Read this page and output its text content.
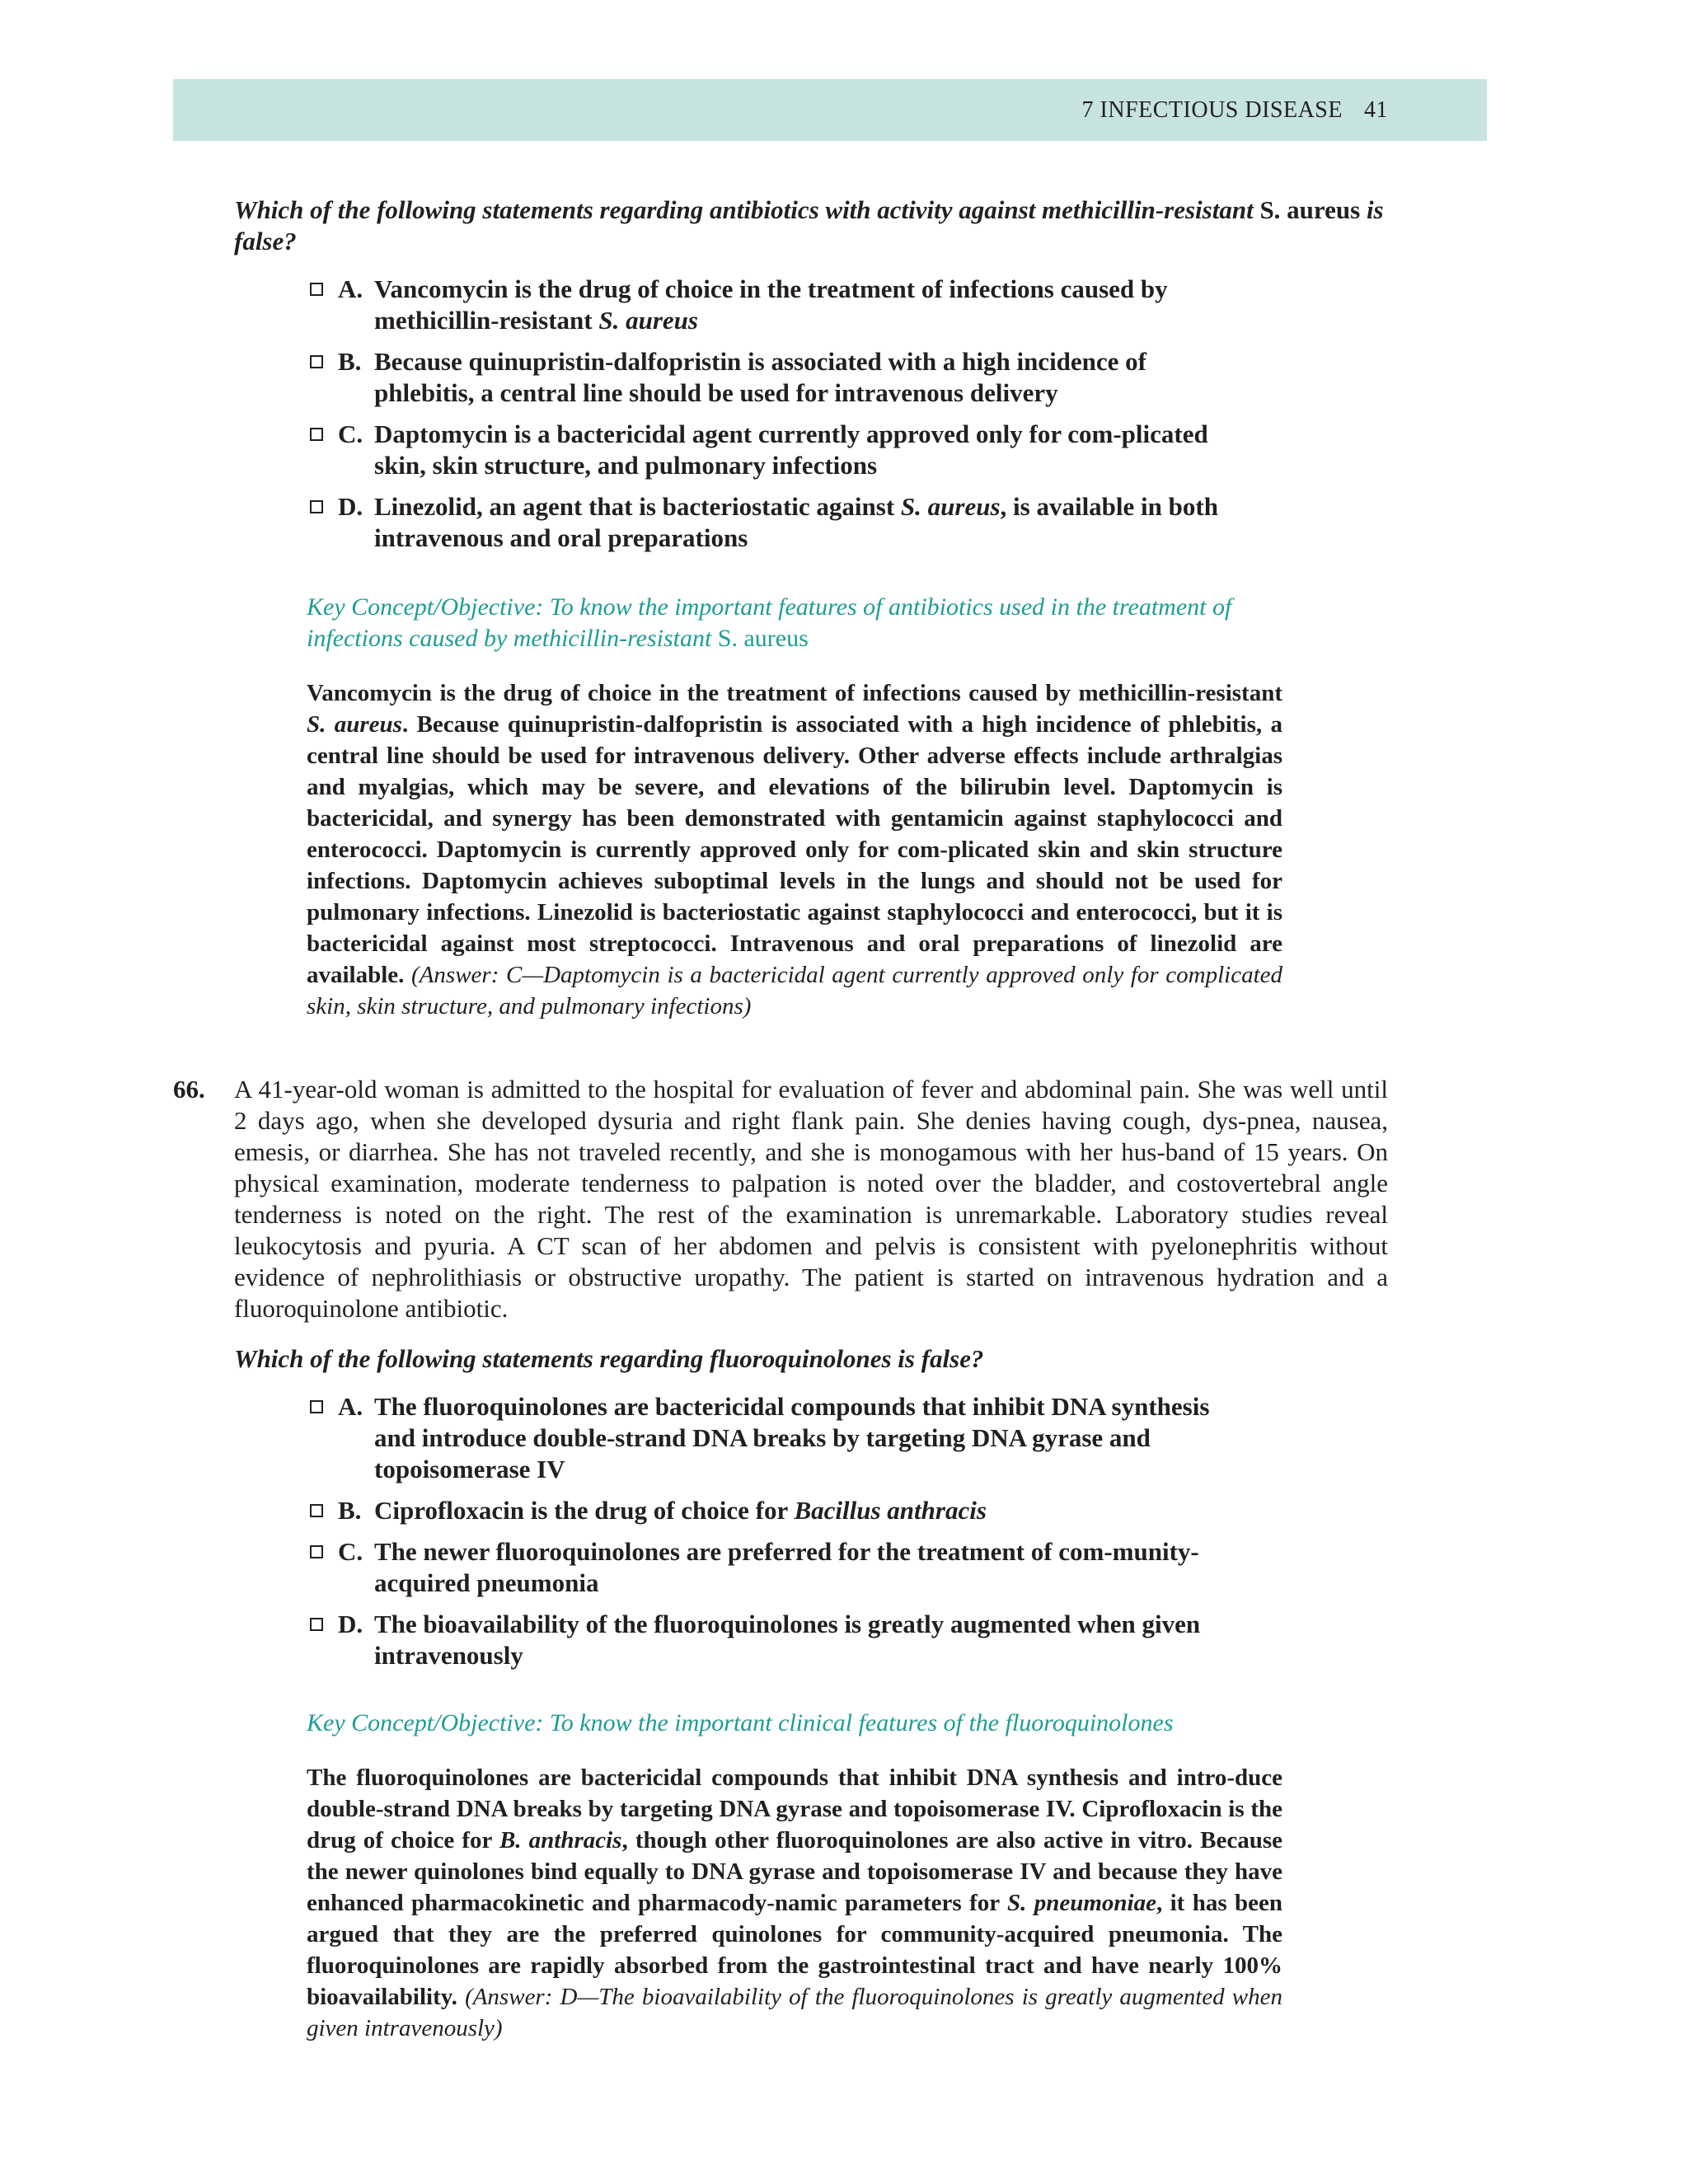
7 INFECTIOUS DISEASE 41
Which of the following statements regarding antibiotics with activity against methicillin-resistant S. aureus is false?
A. Vancomycin is the drug of choice in the treatment of infections caused by methicillin-resistant S. aureus
B. Because quinupristin-dalfopristin is associated with a high incidence of phlebitis, a central line should be used for intravenous delivery
C. Daptomycin is a bactericidal agent currently approved only for com-plicated skin, skin structure, and pulmonary infections
D. Linezolid, an agent that is bacteriostatic against S. aureus, is available in both intravenous and oral preparations
Key Concept/Objective: To know the important features of antibiotics used in the treatment of infections caused by methicillin-resistant S. aureus
Vancomycin is the drug of choice in the treatment of infections caused by methicillin-resistant S. aureus. Because quinupristin-dalfopristin is associated with a high incidence of phlebitis, a central line should be used for intravenous delivery. Other adverse effects include arthralgias and myalgias, which may be severe, and elevations of the bilirubin level. Daptomycin is bactericidal, and synergy has been demonstrated with gentamicin against staphylococci and enterococci. Daptomycin is currently approved only for com-plicated skin and skin structure infections. Daptomycin achieves suboptimal levels in the lungs and should not be used for pulmonary infections. Linezolid is bacteriostatic against staphylococci and enterococci, but it is bactericidal against most streptococci. Intravenous and oral preparations of linezolid are available. (Answer: C—Daptomycin is a bactericidal agent currently approved only for complicated skin, skin structure, and pulmonary infections)
66. A 41-year-old woman is admitted to the hospital for evaluation of fever and abdominal pain. She was well until 2 days ago, when she developed dysuria and right flank pain. She denies having cough, dys-pnea, nausea, emesis, or diarrhea. She has not traveled recently, and she is monogamous with her hus-band of 15 years. On physical examination, moderate tenderness to palpation is noted over the bladder, and costovertebral angle tenderness is noted on the right. The rest of the examination is unremarkable. Laboratory studies reveal leukocytosis and pyuria. A CT scan of her abdomen and pelvis is consistent with pyelonephritis without evidence of nephrolithiasis or obstructive uropathy. The patient is started on intravenous hydration and a fluoroquinolone antibiotic.
Which of the following statements regarding fluoroquinolones is false?
A. The fluoroquinolones are bactericidal compounds that inhibit DNA synthesis and introduce double-strand DNA breaks by targeting DNA gyrase and topoisomerase IV
B. Ciprofloxacin is the drug of choice for Bacillus anthracis
C. The newer fluoroquinolones are preferred for the treatment of com-munity-acquired pneumonia
D. The bioavailability of the fluoroquinolones is greatly augmented when given intravenously
Key Concept/Objective: To know the important clinical features of the fluoroquinolones
The fluoroquinolones are bactericidal compounds that inhibit DNA synthesis and intro-duce double-strand DNA breaks by targeting DNA gyrase and topoisomerase IV. Ciprofloxacin is the drug of choice for B. anthracis, though other fluoroquinolones are also active in vitro. Because the newer quinolones bind equally to DNA gyrase and topoisomerase IV and because they have enhanced pharmacokinetic and pharmacody-namic parameters for S. pneumoniae, it has been argued that they are the preferred quinolones for community-acquired pneumonia. The fluoroquinolones are rapidly absorbed from the gastrointestinal tract and have nearly 100% bioavailability. (Answer: D—The bioavailability of the fluoroquinolones is greatly augmented when given intravenously)
